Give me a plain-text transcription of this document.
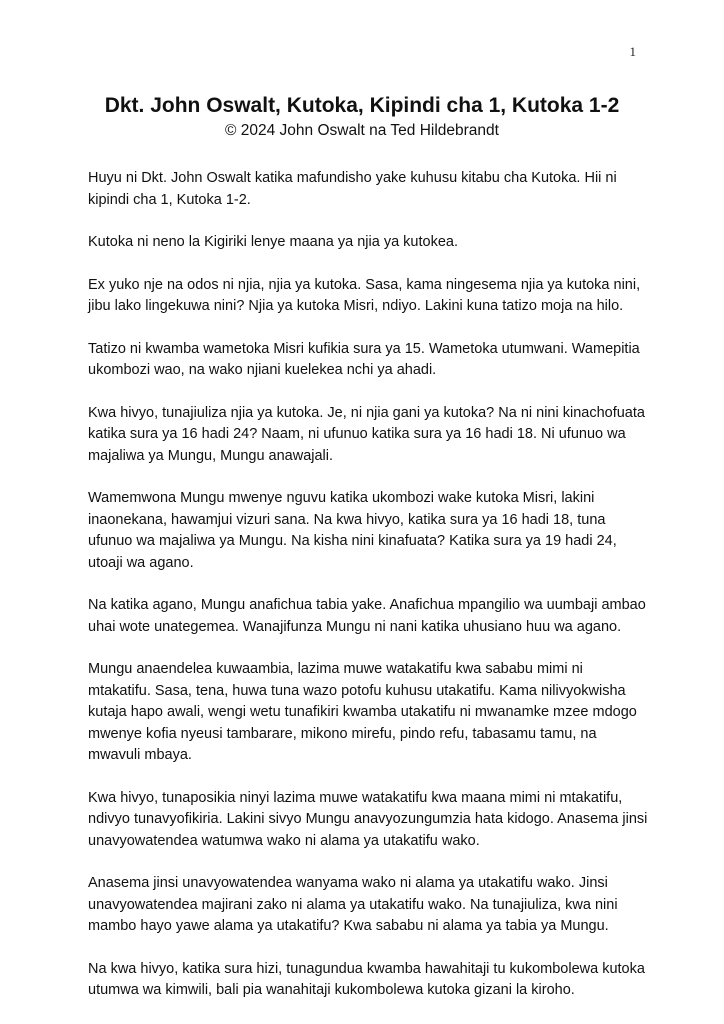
1
Dkt. John Oswalt, Kutoka, Kipindi cha 1, Kutoka 1-2

© 2024 John Oswalt na Ted Hildebrandt

Huyu ni Dkt. John Oswalt katika mafundisho yake kuhusu kitabu cha Kutoka. Hii ni kipindi cha 1, Kutoka 1-2.

Kutoka ni neno la Kigiriki lenye maana ya njia ya kutokea.

Ex yuko nje na odos ni njia, njia ya kutoka. Sasa, kama ningesema njia ya kutoka nini, jibu lako lingekuwa nini? Njia ya kutoka Misri, ndiyo. Lakini kuna tatizo moja na hilo.

Tatizo ni kwamba wametoka Misri kufikia sura ya 15. Wametoka utumwani. Wamepitia ukombozi wao, na wako njiani kuelekea nchi ya ahadi.

Kwa hivyo, tunajiuliza njia ya kutoka. Je, ni njia gani ya kutoka? Na ni nini kinachofuata katika sura ya 16 hadi 24? Naam, ni ufunuo katika sura ya 16 hadi 18. Ni ufunuo wa majaliwa ya Mungu, Mungu anawajali.

Wamemwona Mungu mwenye nguvu katika ukombozi wake kutoka Misri, lakini inaonekana, hawamjui vizuri sana. Na kwa hivyo, katika sura ya 16 hadi 18, tuna ufunuo wa majaliwa ya Mungu. Na kisha nini kinafuata? Katika sura ya 19 hadi 24, utoaji wa agano.

Na katika agano, Mungu anafichua tabia yake. Anafichua mpangilio wa uumbaji ambao uhai wote unategemea. Wanajifunza Mungu ni nani katika uhusiano huu wa agano.

Mungu anaendelea kuwaambia, lazima muwe watakatifu kwa sababu mimi ni mtakatifu. Sasa, tena, huwa tuna wazo potofu kuhusu utakatifu. Kama nilivyokwisha kutaja hapo awali, wengi wetu tunafikiri kwamba utakatifu ni mwanamke mzee mdogo mwenye kofia nyeusi tambarare, mikono mirefu, pindo refu, tabasamu tamu, na mwavuli mbaya.

Kwa hivyo, tunaposikia ninyi lazima muwe watakatifu kwa maana mimi ni mtakatifu, ndivyo tunavyofikiria. Lakini sivyo Mungu anavyozungumzia hata kidogo. Anasema jinsi unavyowatendea watumwa wako ni alama ya utakatifu wako.

Anasema jinsi unavyowatendea wanyama wako ni alama ya utakatifu wako. Jinsi unavyowatendea majirani zako ni alama ya utakatifu wako. Na tunajiuliza, kwa nini mambo hayo yawe alama ya utakatifu? Kwa sababu ni alama ya tabia ya Mungu.

Na kwa hivyo, katika sura hizi, tunagundua kwamba hawahitaji tu kukombolewa kutoka utumwa wa kimwili, bali pia wanahitaji kukombolewa kutoka gizani la kiroho.
